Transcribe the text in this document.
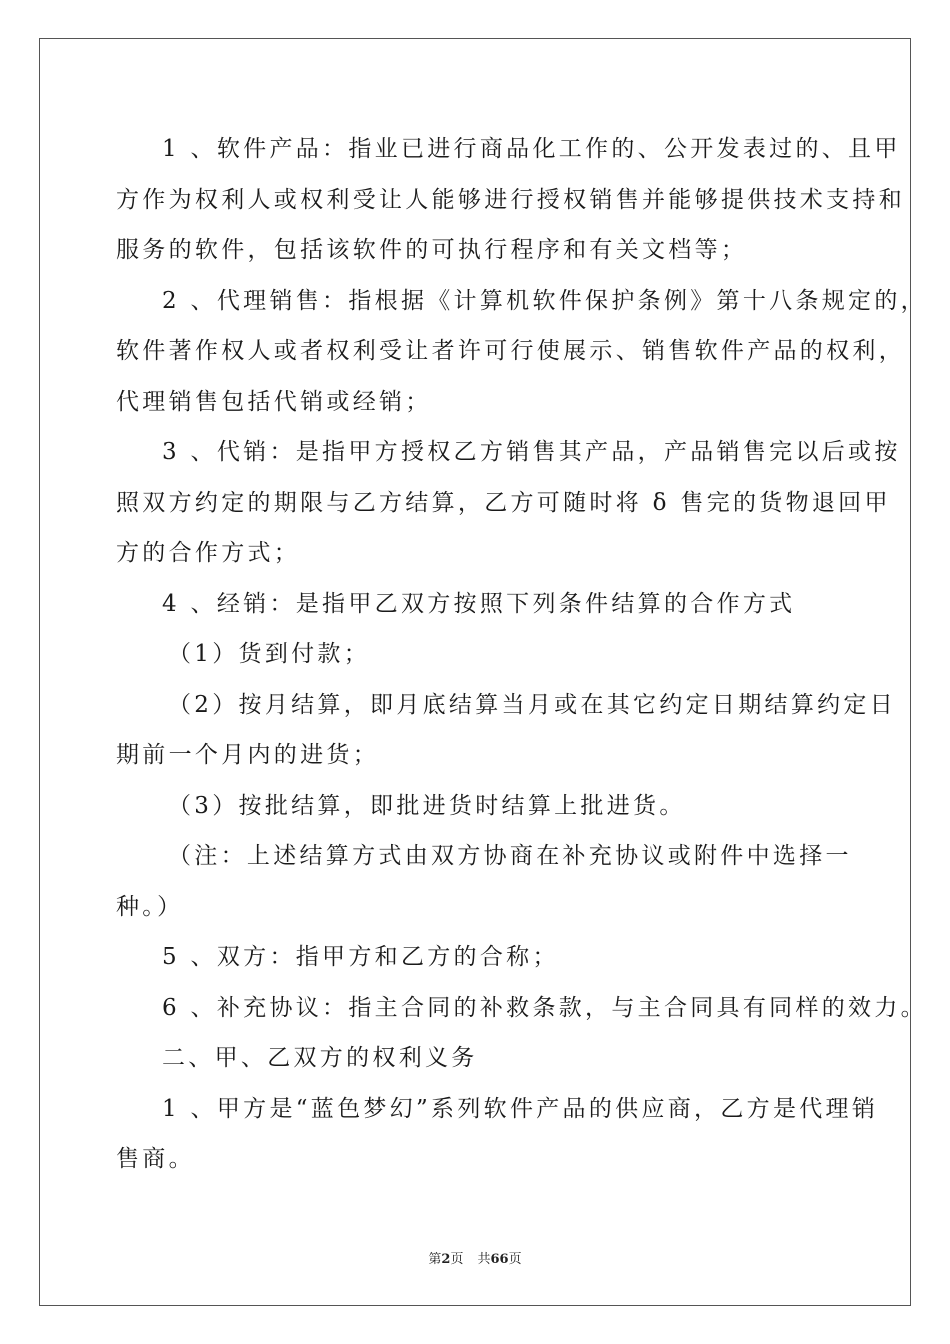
1 、软件产品：指业已进行商品化工作的、公开发表过的、且甲
方作为权利人或权利受让人能够进行授权销售并能够提供技术支持和
服务的软件，包括该软件的可执行程序和有关文档等；
2 、代理销售：指根据《计算机软件保护条例》第十八条规定的，
软件著作权人或者权利受让者许可行使展示、销售软件产品的权利，
代理销售包括代销或经销；
3 、代销：是指甲方授权乙方销售其产品，产品销售完以后或按
照双方约定的期限与乙方结算，乙方可随时将 δ 售完的货物退回甲
方的合作方式；
4 、经销：是指甲乙双方按照下列条件结算的合作方式
（1）货到付款；
（2）按月结算，即月底结算当月或在其它约定日期结算约定日
期前一个月内的进货；
（3）按批结算，即批进货时结算上批进货。
（注：上述结算方式由双方协商在补充协议或附件中选择一
种。）
5 、双方：指甲方和乙方的合称；
6 、补充协议：指主合同的补救条款，与主合同具有同样的效力。
二、甲、乙双方的权利义务
1 、甲方是“蓝色梦幻”系列软件产品的供应商，乙方是代理销
售商。
第2页 共66页
